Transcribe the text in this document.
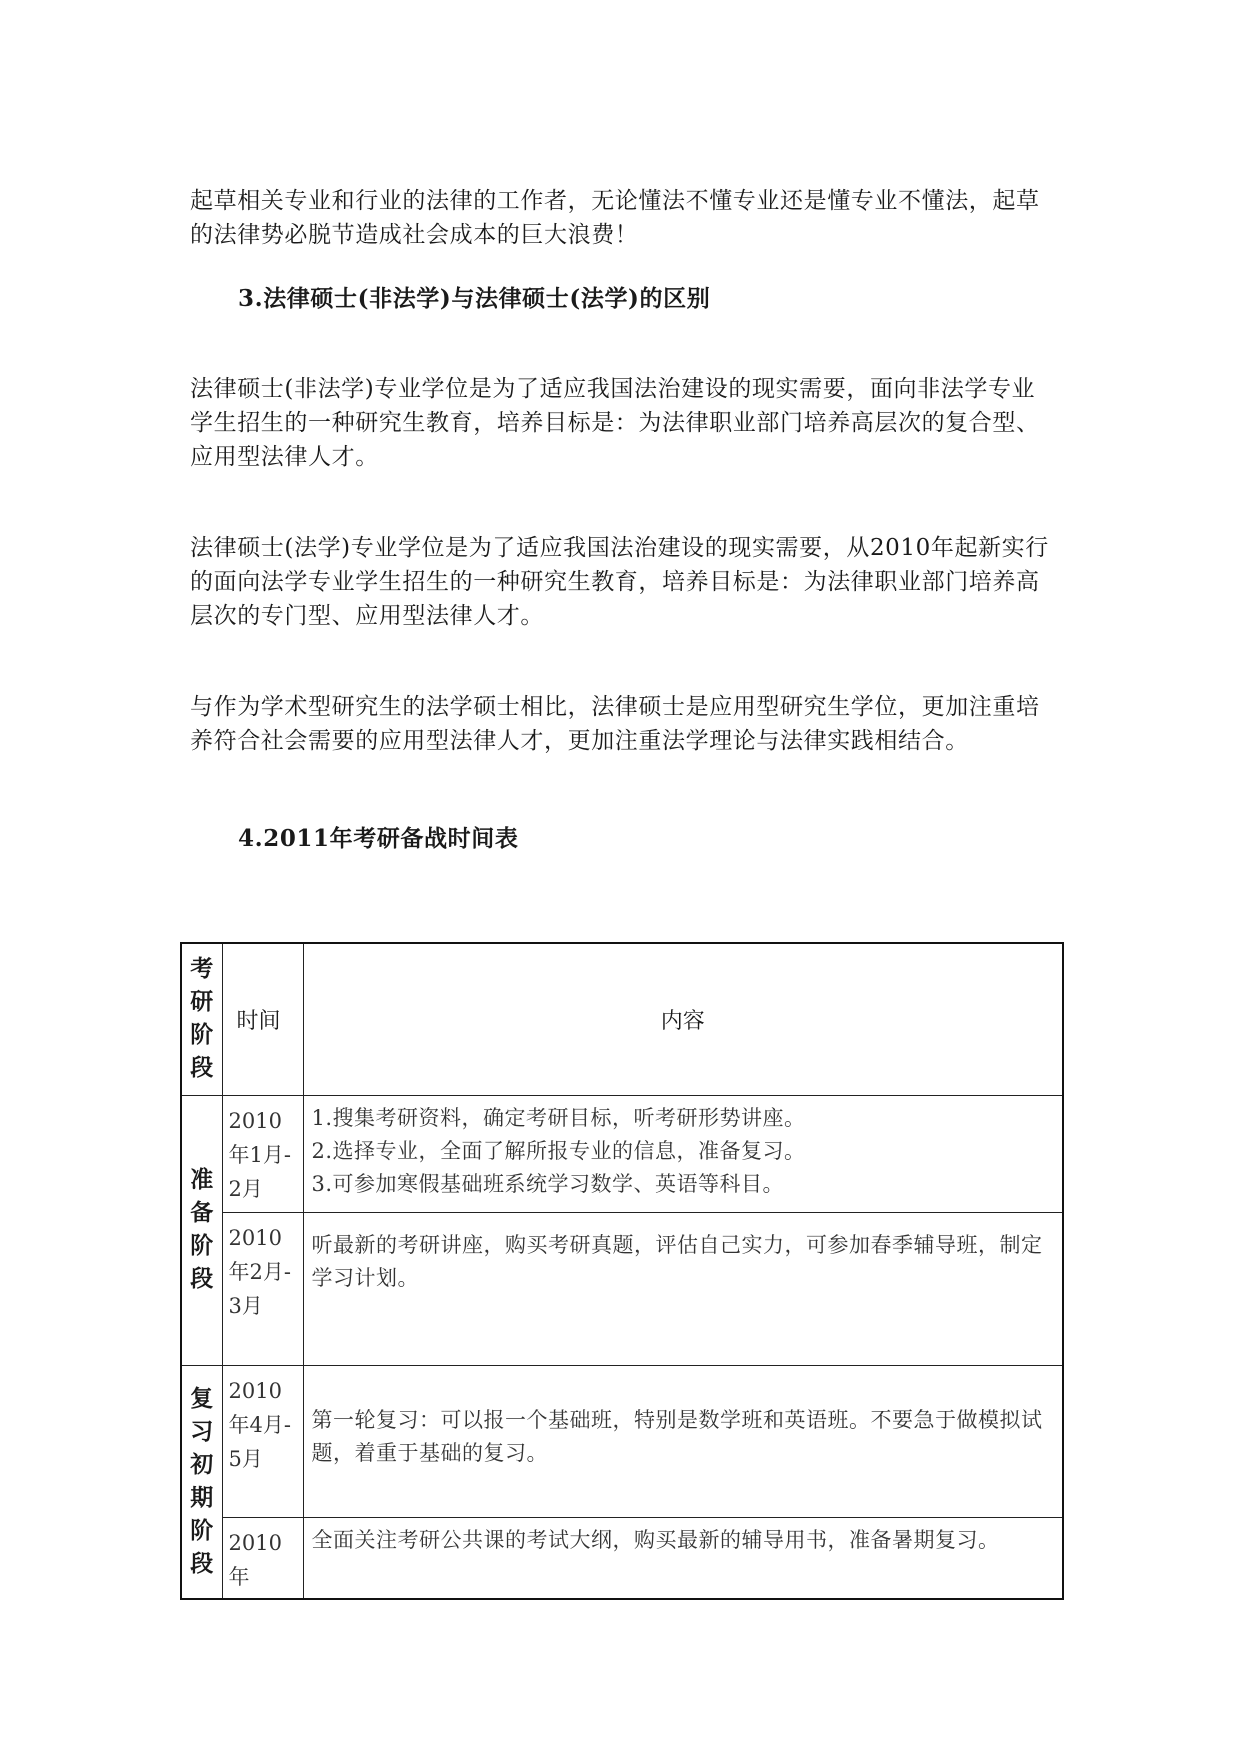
起草相关专业和行业的法律的工作者，无论懂法不懂专业还是懂专业不懂法，起草的法律势必脱节造成社会成本的巨大浪费！

3.法律硕士(非法学)与法律硕士(法学)的区别

法律硕士(非法学)专业学位是为了适应我国法治建设的现实需要，面向非法学专业学生招生的一种研究生教育，培养目标是：为法律职业部门培养高层次的复合型、应用型法律人才。

法律硕士(法学)专业学位是为了适应我国法治建设的现实需要，从2010年起新实行的面向法学专业学生招生的一种研究生教育，培养目标是：为法律职业部门培养高层次的专门型、应用型法律人才。

与作为学术型研究生的法学硕士相比，法律硕士是应用型研究生学位，更加注重培养符合社会需要的应用型法律人才，更加注重法学理论与法律实践相结合。

4.2011年考研备战时间表

考研阶段	时间	内容
准备阶段	2010年1月-2月	1.搜集考研资料，确定考研目标，听考研形势讲座。
2.选择专业，全面了解所报专业的信息，准备复习。
3.可参加寒假基础班系统学习数学、英语等科目。

	2010年2月-3月	听最新的考研讲座，购买考研真题，评估自己实力，可参加春季辅导班，制定学习计划。

复习初期阶段	2010年4月-5月	第一轮复习：可以报一个基础班，特别是数学班和英语班。不要急于做模拟试题，着重于基础的复习。

	2010年	全面关注考研公共课的考试大纲，购买最新的辅导用书，准备暑期复习。
